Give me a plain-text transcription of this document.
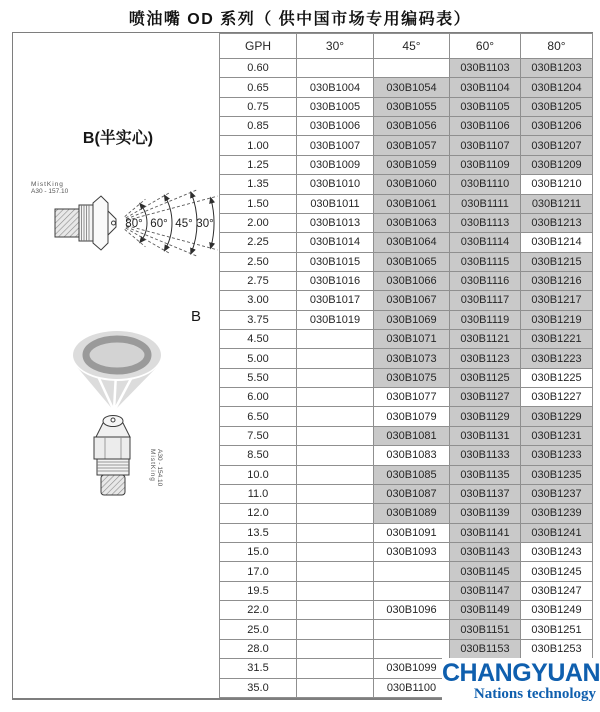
喷油嘴 OD 系列（ 供中国市场专用编码表）
B(半实心)
MistKing
A30 - 157.10
80° 60° 45° 30°
B
MistKing A30 - 154.10
GPH	30°	45°	60°	80°
0.60			030B1103	030B1203
0.65	030B1004	030B1054	030B1104	030B1204
0.75	030B1005	030B1055	030B1105	030B1205
0.85	030B1006	030B1056	030B1106	030B1206
1.00	030B1007	030B1057	030B1107	030B1207
1.25	030B1009	030B1059	030B1109	030B1209
1.35	030B1010	030B1060	030B1110	030B1210
1.50	030B1011	030B1061	030B1111	030B1211
2.00	030B1013	030B1063	030B1113	030B1213
2.25	030B1014	030B1064	030B1114	030B1214
2.50	030B1015	030B1065	030B1115	030B1215
2.75	030B1016	030B1066	030B1116	030B1216
3.00	030B1017	030B1067	030B1117	030B1217
3.75	030B1019	030B1069	030B1119	030B1219
4.50		030B1071	030B1121	030B1221
5.00		030B1073	030B1123	030B1223
5.50		030B1075	030B1125	030B1225
6.00		030B1077	030B1127	030B1227
6.50		030B1079	030B1129	030B1229
7.50		030B1081	030B1131	030B1231
8.50		030B1083	030B1133	030B1233
10.0		030B1085	030B1135	030B1235
11.0		030B1087	030B1137	030B1237
12.0		030B1089	030B1139	030B1239
13.5		030B1091	030B1141	030B1241
15.0		030B1093	030B1143	030B1243
17.0			030B1145	030B1245
19.5			030B1147	030B1247
22.0		030B1096	030B1149	030B1249
25.0			030B1151	030B1251
28.0			030B1153	030B1253
31.5		030B1099		
35.0		030B1100		
CHANGYUAN
Nations technology
